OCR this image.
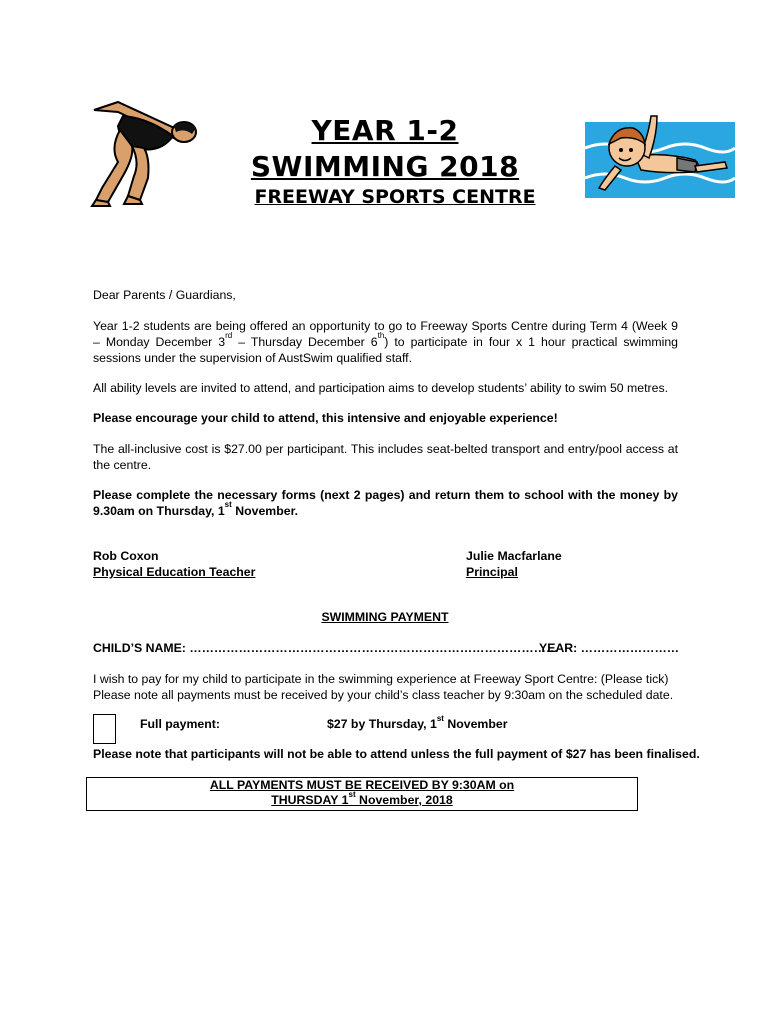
YEAR 1-2
SWIMMING 2018
FREEWAY SPORTS CENTRE
Dear Parents / Guardians,
Year 1-2 students are being offered an opportunity to go to Freeway Sports Centre during Term 4 (Week 9 – Monday December 3rd – Thursday December 6th) to participate in four x 1 hour practical swimming sessions under the supervision of AustSwim qualified staff.
All ability levels are invited to attend, and participation aims to develop students’ ability to swim 50 metres.
Please encourage your child to attend, this intensive and enjoyable experience!
The all-inclusive cost is $27.00 per participant. This includes seat-belted transport and entry/pool access at the centre.
Please complete the necessary forms (next 2 pages) and return them to school with the money by 9.30am on Thursday, 1st November.
Rob Coxon
Physical Education Teacher
Julie Macfarlane
Principal
SWIMMING PAYMENT
CHILD’S NAME: ………………………………………………………………………………
YEAR: ……………………
I wish to pay for my child to participate in the swimming experience at Freeway Sport Centre: (Please tick)
Please note all payments must be received by your child’s class teacher by 9:30am on the scheduled date.
Full payment:	$27 by Thursday, 1st November
Please note that participants will not be able to attend unless the full payment of $27 has been finalised.
ALL PAYMENTS MUST BE RECEIVED BY 9:30AM on
THURSDAY 1st November, 2018
